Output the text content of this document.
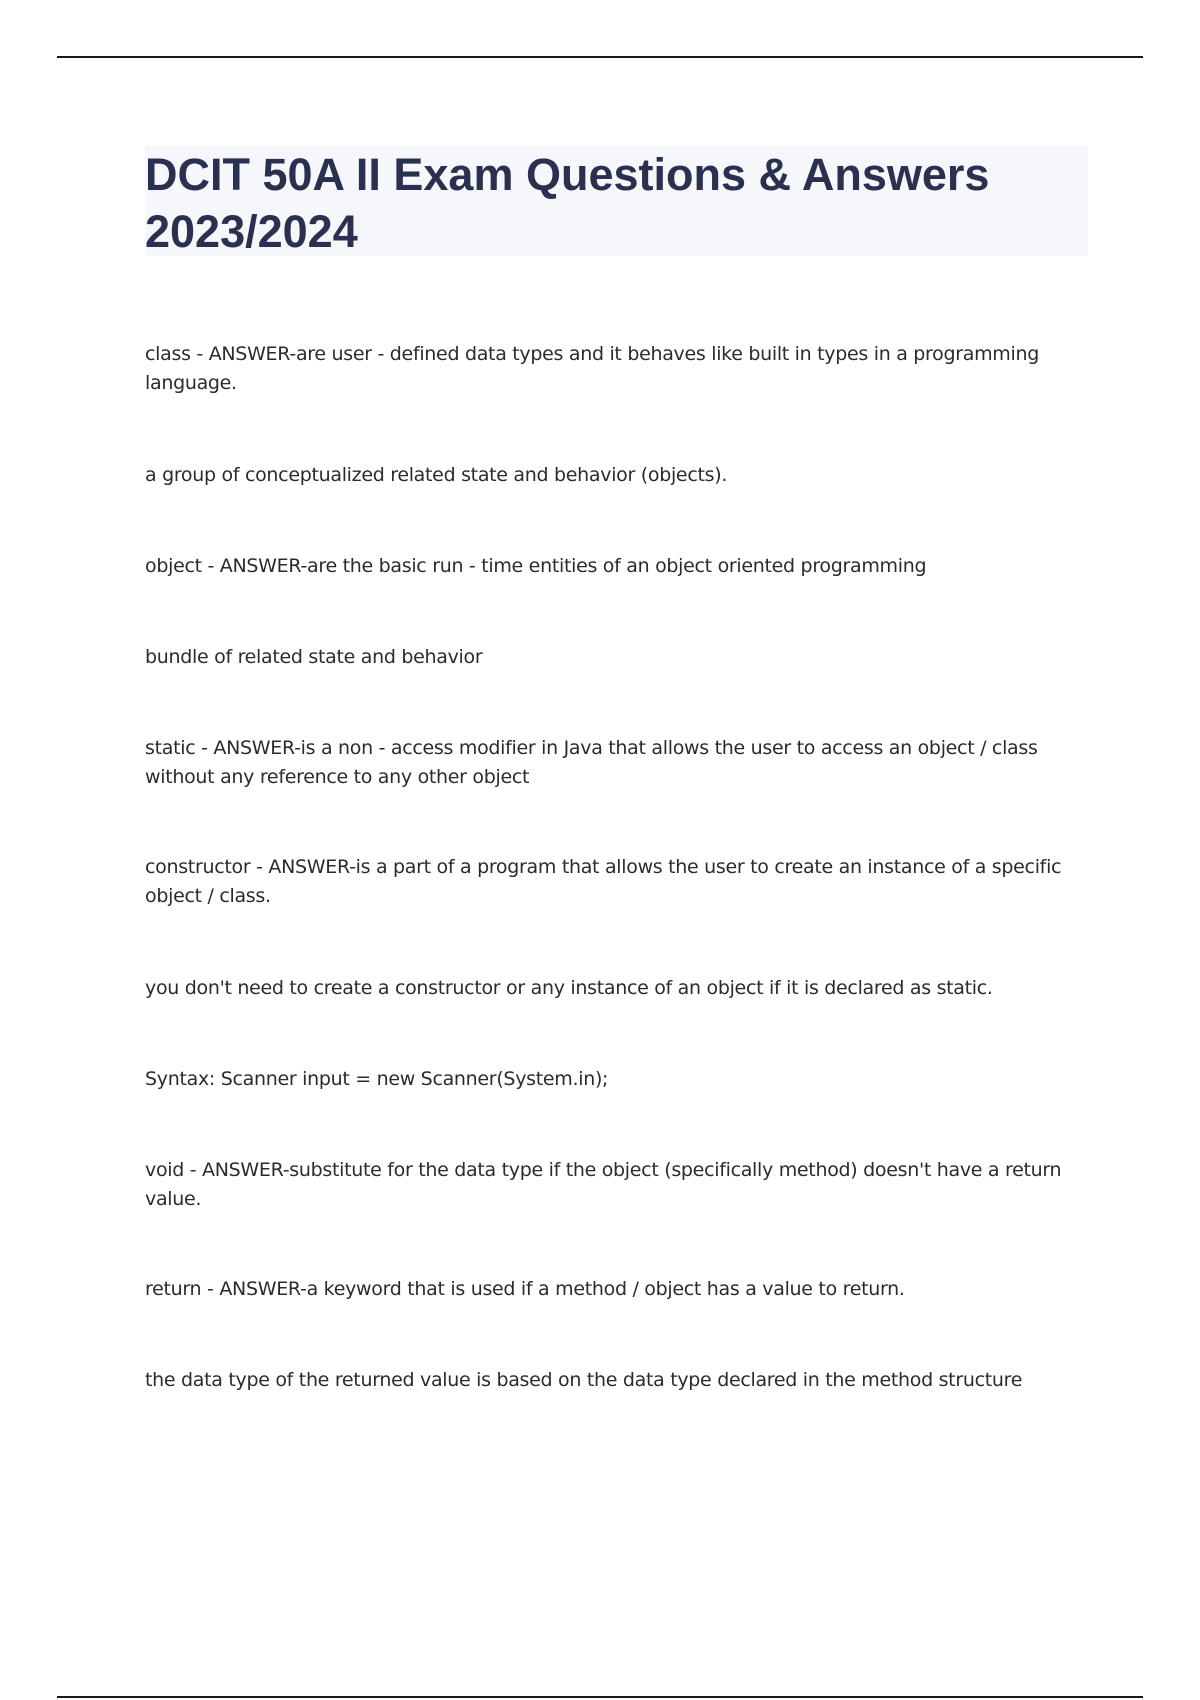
DCIT 50A II Exam Questions & Answers 2023/2024

class - ANSWER-are user - defined data types and it behaves like built in types in a programming language.

a group of conceptualized related state and behavior (objects).

object - ANSWER-are the basic run - time entities of an object oriented programming

bundle of related state and behavior

static - ANSWER-is a non - access modifier in Java that allows the user to access an object / class without any reference to any other object

constructor - ANSWER-is a part of a program that allows the user to create an instance of a specific object / class.

you don't need to create a constructor or any instance of an object if it is declared as static.

Syntax: Scanner input = new Scanner(System.in);

void - ANSWER-substitute for the data type if the object (specifically method) doesn't have a return value.

return - ANSWER-a keyword that is used if a method / object has a value to return.

the data type of the returned value is based on the data type declared in the method structure
